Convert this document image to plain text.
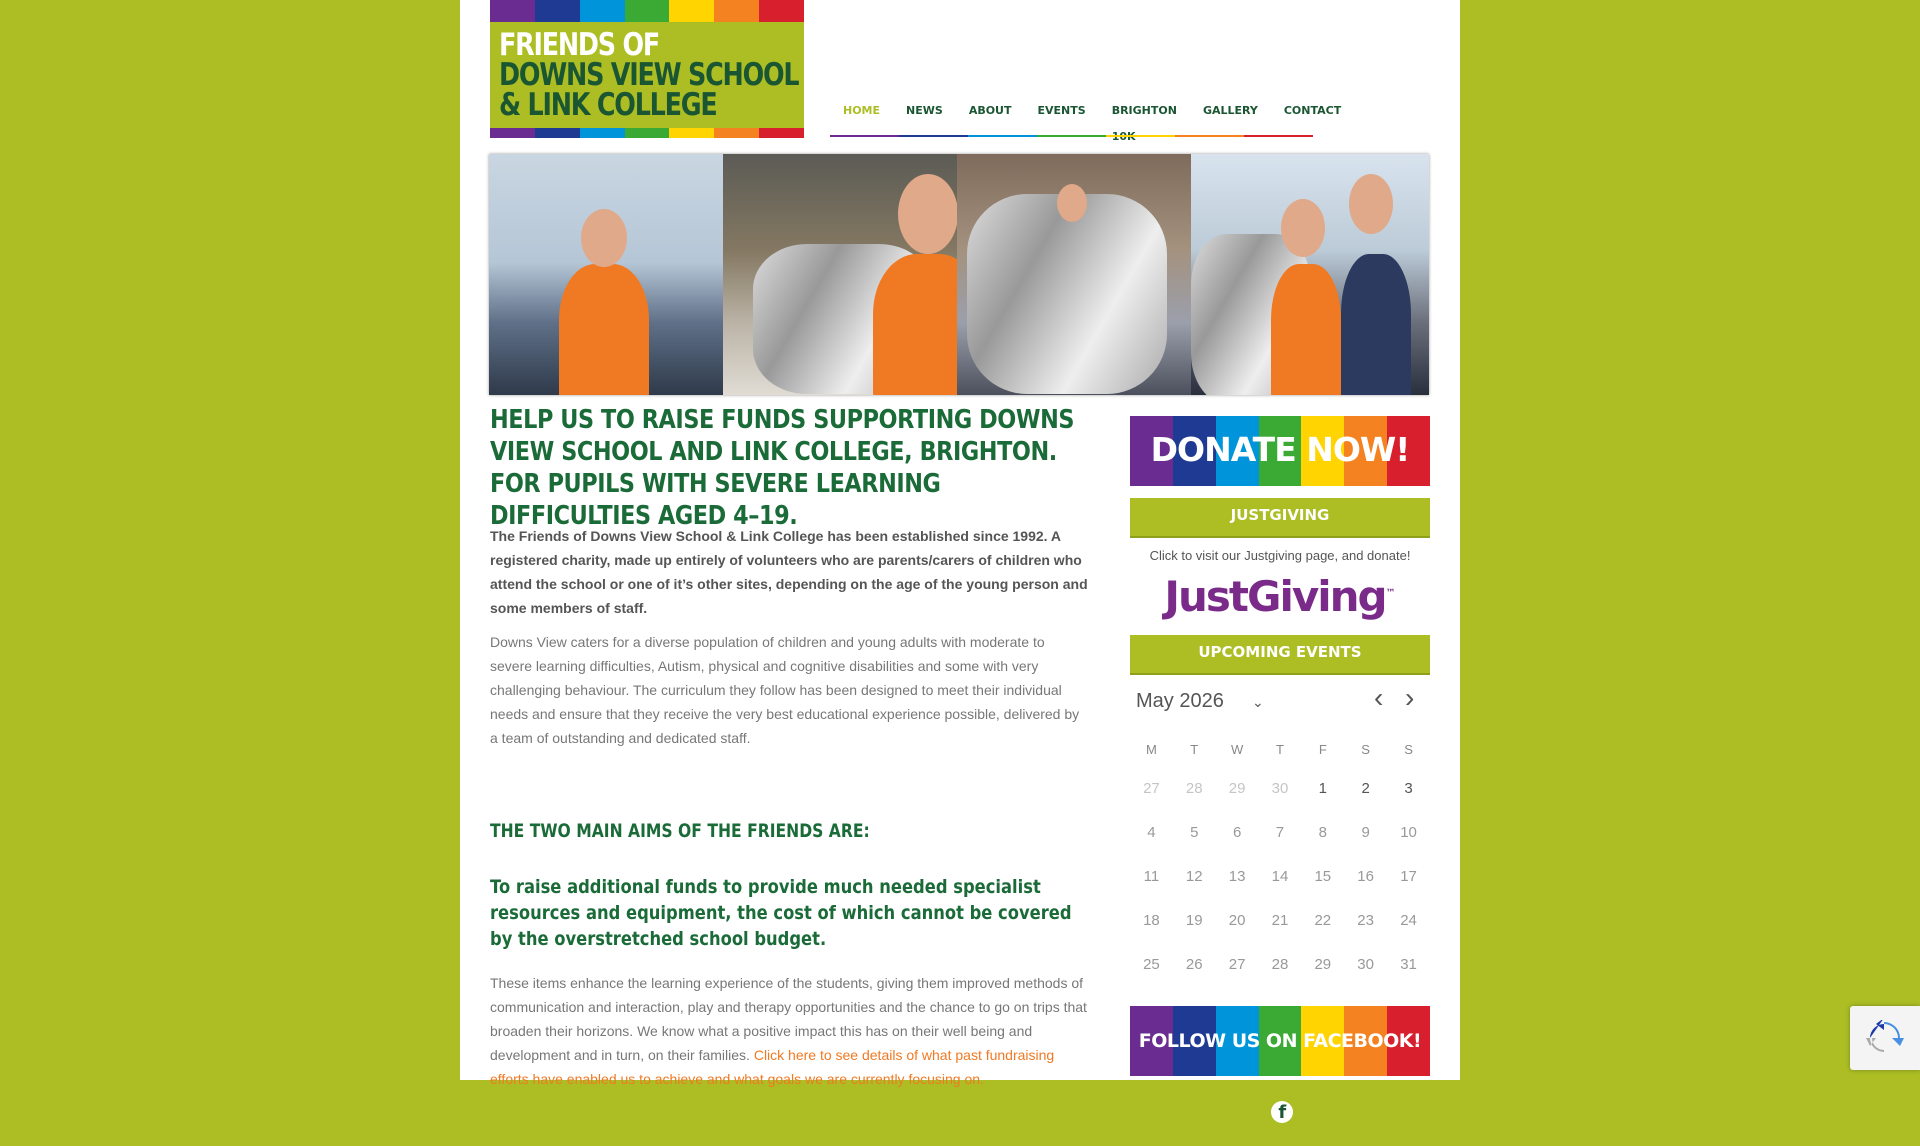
FRIENDS OF
DOWNS VIEW SCHOOL
& LINK COLLEGE	HOME NEWS ABOUT EVENTS BRIGHTON GALLERY CONTACT
HELP US TO RAISE FUNDS SUPPORTING DOWNS VIEW SCHOOL AND LINK COLLEGE, BRIGHTON. FOR PUPILS WITH SEVERE LEARNING DIFFICULTIES AGED 4–19.

The Friends of Downs View School & Link College has been established since 1992. A registered charity, made up entirely of volunteers who are parents/carers of children who attend the school or one of it’s other sites, depending on the age of the young person and some members of staff.

Downs View caters for a diverse population of children and young adults with moderate to severe learning difficulties, Autism, physical and cognitive disabilities and some with very challenging behaviour. The curriculum they follow has been designed to meet their individual needs and ensure that they receive the very best educational experience possible, delivered by a team of outstanding and dedicated staff.

THE TWO MAIN AIMS OF THE FRIENDS ARE:
To raise additional funds to provide much needed specialist resources and equipment, the cost of which cannot be covered by the overstretched school budget.

These items enhance the learning experience of the students, giving them improved methods of communication and interaction, play and therapy opportunities and the chance to go on trips that broaden their horizons. We know what a positive impact this has on their well being and development and in turn, on their families. Click here to see details of what past fundraising efforts have enabled us to achieve and what goals we are currently focusing on.

DONATE NOW!
JUSTGIVING
Click to visit our Justgiving page, and donate!
JustGiving™
UPCOMING EVENTS
May 2026 ⌄	‹ ›
M	T	W	T	F	S	S
27	28	29	30	1	2	3
4	5	6	7	8	9	10
11	12	13	14	15	16	17
18	19	20	21	22	23	24
25	26	27	28	29	30	31
FOLLOW US ON FACEBOOK!f
